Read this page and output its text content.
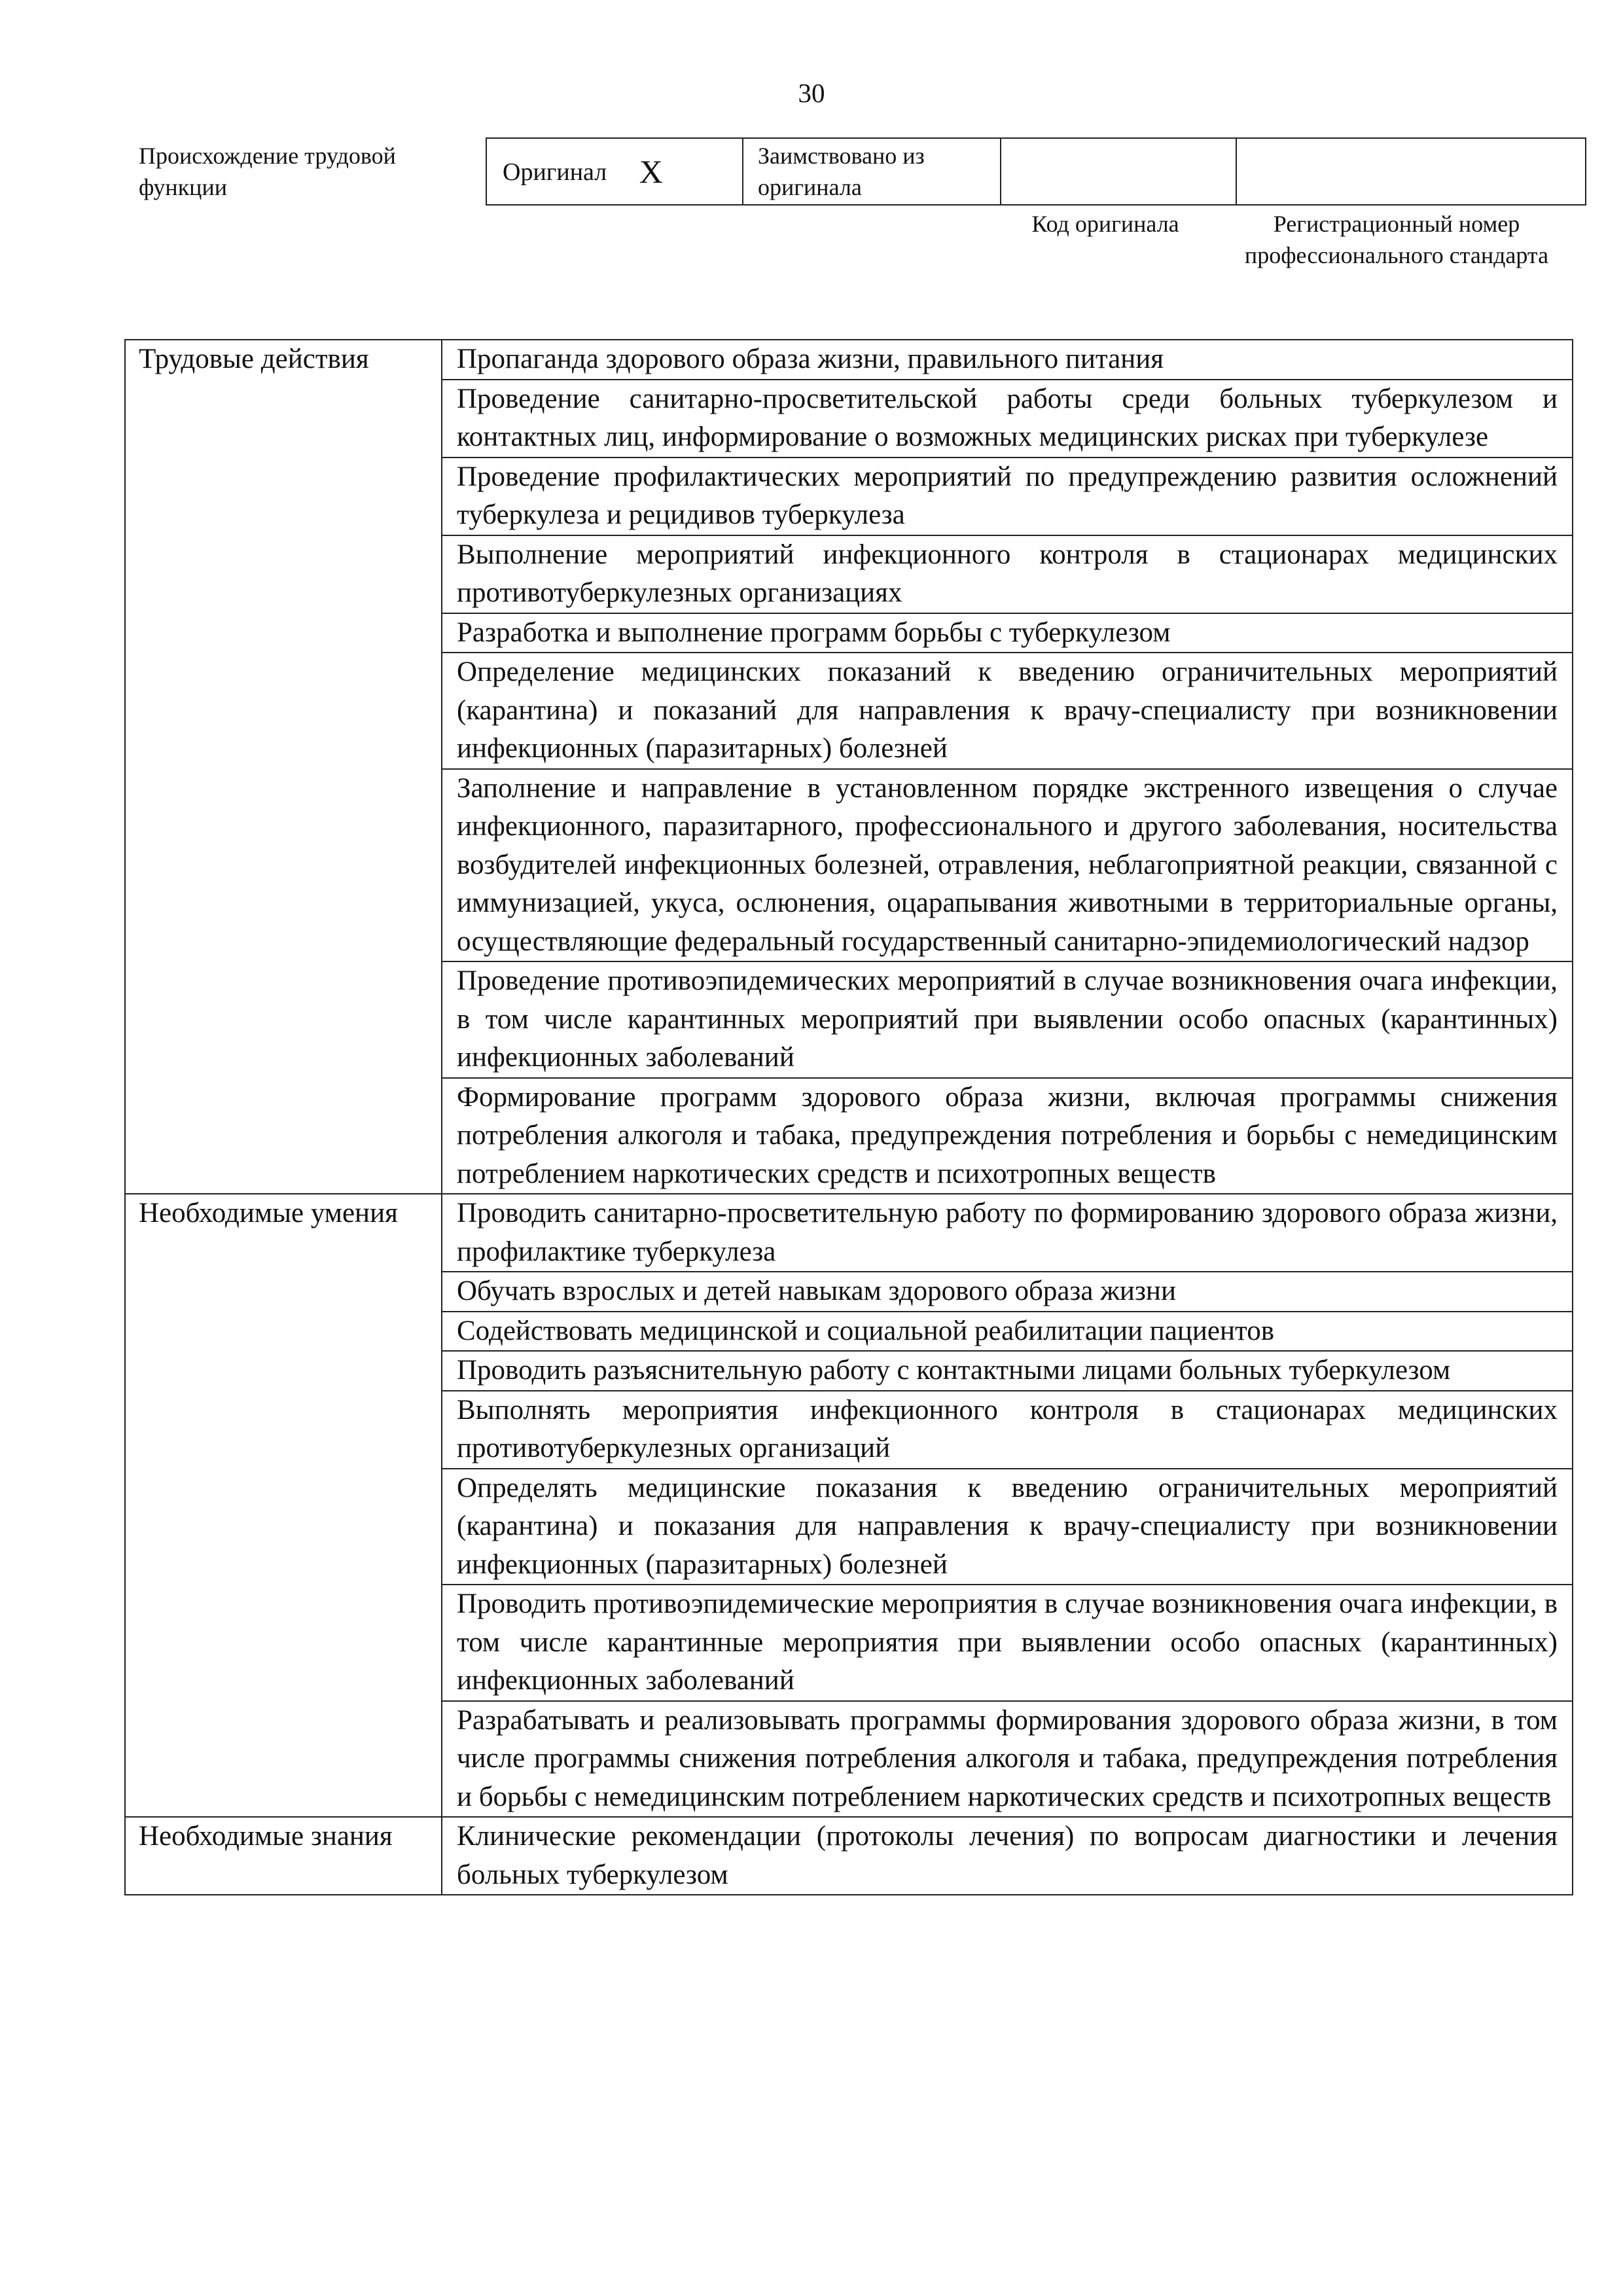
30
Происхождение трудовой функции
Оригинал X	Заимствовано из оригинала		
Код оригинала	Регистрационный номер профессионального стандарта
Трудовые действия	Пропаганда здорового образа жизни, правильного питания
	Проведение санитарно-просветительской работы среди больных туберкулезом и контактных лиц, информирование о возможных медицинских рисках при туберкулезе
	Проведение профилактических мероприятий по предупреждению развития осложнений туберкулеза и рецидивов туберкулеза
	Выполнение мероприятий инфекционного контроля в стационарах медицинских противотуберкулезных организациях
	Разработка и выполнение программ борьбы с туберкулезом
	Определение медицинских показаний к введению ограничительных мероприятий (карантина) и показаний для направления к врачу-специалисту при возникновении инфекционных (паразитарных) болезней
	Заполнение и направление в установленном порядке экстренного извещения о случае инфекционного, паразитарного, профессионального и другого заболевания, носительства возбудителей инфекционных болезней, отравления, неблагоприятной реакции, связанной с иммунизацией, укуса, ослюнения, оцарапывания животными в территориальные органы, осуществляющие федеральный государственный санитарно-эпидемиологический надзор
	Проведение противоэпидемических мероприятий в случае возникновения очага инфекции, в том числе карантинных мероприятий при выявлении особо опасных (карантинных) инфекционных заболеваний
	Формирование программ здорового образа жизни, включая программы снижения потребления алкоголя и табака, предупреждения потребления и борьбы с немедицинским потреблением наркотических средств и психотропных веществ
Необходимые умения	Проводить санитарно-просветительную работу по формированию здорового образа жизни, профилактике туберкулеза
	Обучать взрослых и детей навыкам здорового образа жизни
	Содействовать медицинской и социальной реабилитации пациентов
	Проводить разъяснительную работу с контактными лицами больных туберкулезом
	Выполнять мероприятия инфекционного контроля в стационарах медицинских противотуберкулезных организаций
	Определять медицинские показания к введению ограничительных мероприятий (карантина) и показания для направления к врачу-специалисту при возникновении инфекционных (паразитарных) болезней
	Проводить противоэпидемические мероприятия в случае возникновения очага инфекции, в том числе карантинные мероприятия при выявлении особо опасных (карантинных) инфекционных заболеваний
	Разрабатывать и реализовывать программы формирования здорового образа жизни, в том числе программы снижения потребления алкоголя и табака, предупреждения потребления и борьбы с немедицинским потреблением наркотических средств и психотропных веществ
Необходимые знания	Клинические рекомендации (протоколы лечения) по вопросам диагностики и лечения больных туберкулезом
